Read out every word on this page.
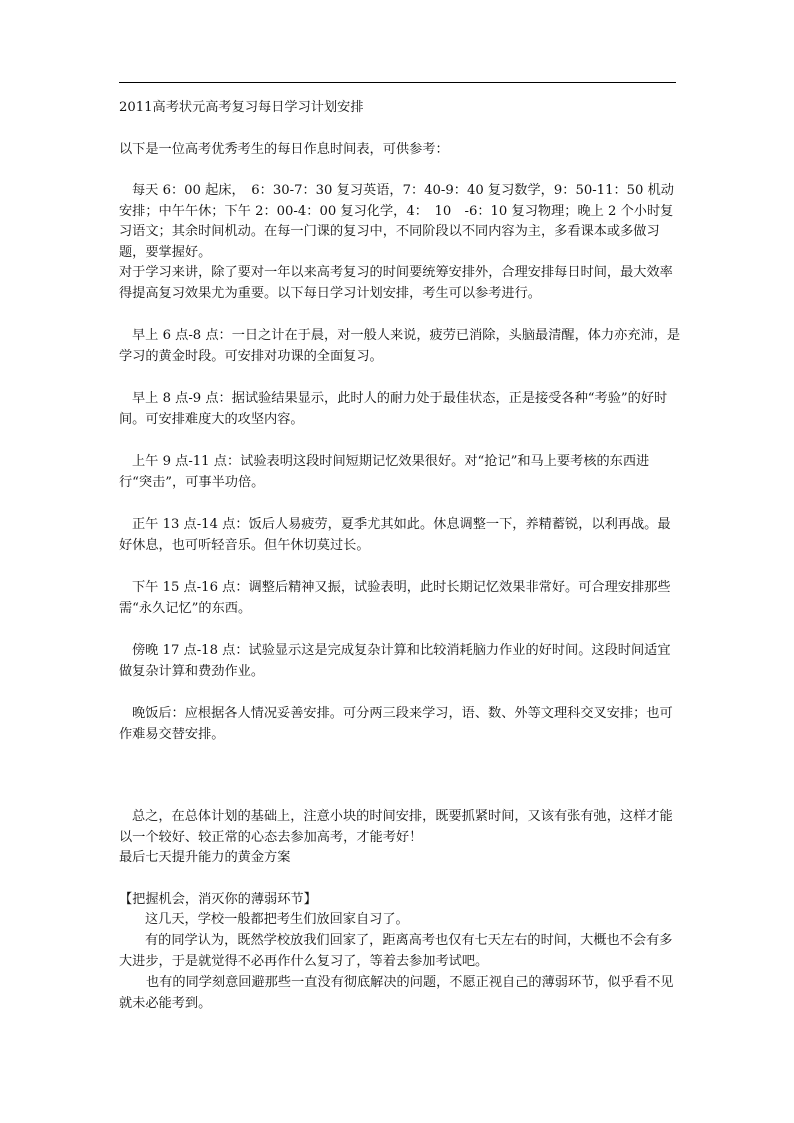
2011高考状元高考复习每日学习计划安排

以下是一位高考优秀考生的每日作息时间表，可供参考：

每天 6：00 起床，　6：30-7：30 复习英语，7：40-9：40 复习数学，9：50-11：50 机动安排；中午午休；下午 2：00-4：00 复习化学，4：　10　-6：10 复习物理；晚上 2 个小时复习语文；其余时间机动。在每一门课的复习中，不同阶段以不同内容为主，多看课本或多做习题，要掌握好。

对于学习来讲，除了要对一年以来高考复习的时间要统筹安排外，合理安排每日时间，最大效率得提高复习效果尤为重要。以下每日学习计划安排，考生可以参考进行。

早上 6 点-8 点：一日之计在于晨，对一般人来说，疲劳已消除，头脑最清醒，体力亦充沛，是学习的黄金时段。可安排对功课的全面复习。

早上 8 点-9 点：据试验结果显示，此时人的耐力处于最佳状态，正是接受各种“考验”的好时间。可安排难度大的攻坚内容。

上午 9 点-11 点：试验表明这段时间短期记忆效果很好。对“抢记”和马上要考核的东西进行“突击”，可事半功倍。

正午 13 点-14 点：饭后人易疲劳，夏季尤其如此。休息调整一下，养精蓄锐，以利再战。最好休息，也可听轻音乐。但午休切莫过长。

下午 15 点-16 点：调整后精神又振，试验表明，此时长期记忆效果非常好。可合理安排那些需“永久记忆”的东西。

傍晚 17 点-18 点：试验显示这是完成复杂计算和比较消耗脑力作业的好时间。这段时间适宜做复杂计算和费劲作业。

晚饭后：应根据各人情况妥善安排。可分两三段来学习，语、数、外等文理科交叉安排；也可作难易交替安排。

总之，在总体计划的基础上，注意小块的时间安排，既要抓紧时间，又该有张有弛，这样才能以一个较好、较正常的心态去参加高考，才能考好！

最后七天提升能力的黄金方案

【把握机会，消灭你的薄弱环节】

这几天，学校一般都把考生们放回家自习了。

有的同学认为，既然学校放我们回家了，距离高考也仅有七天左右的时间，大概也不会有多大进步，于是就觉得不必再作什么复习了，等着去参加考试吧。

也有的同学刻意回避那些一直没有彻底解决的问题，不愿正视自己的薄弱环节，似乎看不见就未必能考到。
